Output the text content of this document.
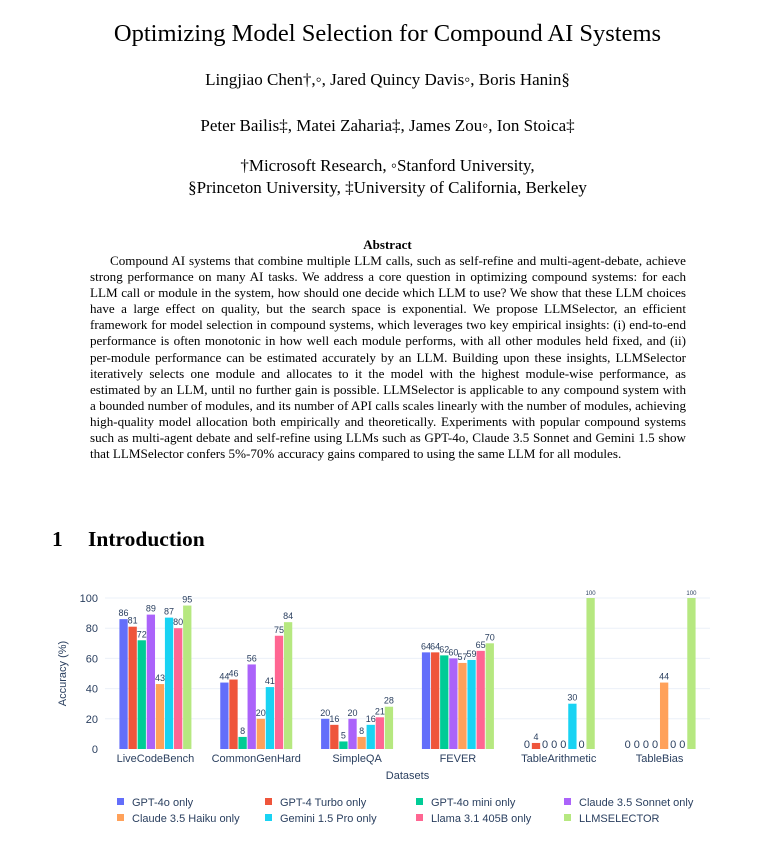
Optimizing Model Selection for Compound AI Systems
Lingjiao Chen†,◦, Jared Quincy Davis◦, Boris Hanin§
Peter Bailis‡, Matei Zaharia‡, James Zou◦, Ion Stoica‡
†Microsoft Research, ◦Stanford University,
§Princeton University, ‡University of California, Berkeley
Abstract
Compound AI systems that combine multiple LLM calls, such as self-refine and multi-agent-debate, achieve strong performance on many AI tasks. We address a core question in optimizing compound systems: for each LLM call or module in the system, how should one decide which LLM to use? We show that these LLM choices have a large effect on quality, but the search space is exponential. We propose LLMSelector, an efficient framework for model selection in compound systems, which leverages two key empirical insights: (i) end-to-end performance is often monotonic in how well each module performs, with all other modules held fixed, and (ii) per-module performance can be estimated accurately by an LLM. Building upon these insights, LLMSelector iteratively selects one module and allocates to it the model with the highest module-wise performance, as estimated by an LLM, until no further gain is possible. LLMSelector is applicable to any compound system with a bounded number of modules, and its number of API calls scales linearly with the number of modules, achieving high-quality model allocation both empirically and theoretically. Experiments with popular compound systems such as multi-agent debate and self-refine using LLMs such as GPT-4o, Claude 3.5 Sonnet and Gemini 1.5 show that LLMSelector confers 5%-70% accuracy gains compared to using the same LLM for all modules.
1 Introduction
0
20
40
60
80
100
Accuracy (%)
86
81
72
89
43
87
80
95
LiveCodeBench
44 46
8
56
20
41
75
84
CommonGenHard
20
16
5
20
8
16
21
28
SimpleQA
64 64 62 60 57 59
65
70
FEVER
0
4
0 0 0
30
0
100
TableArithmetic
0 0 0 0
44
0 0
100
TableBias
Datasets
GPT-4o only	GPT-4 Turbo only	GPT-4o mini only	Claude 3.5 Sonnet only
Claude 3.5 Haiku only	Gemini 1.5 Pro only	Llama 3.1 405B only	LLMSELECTOR
